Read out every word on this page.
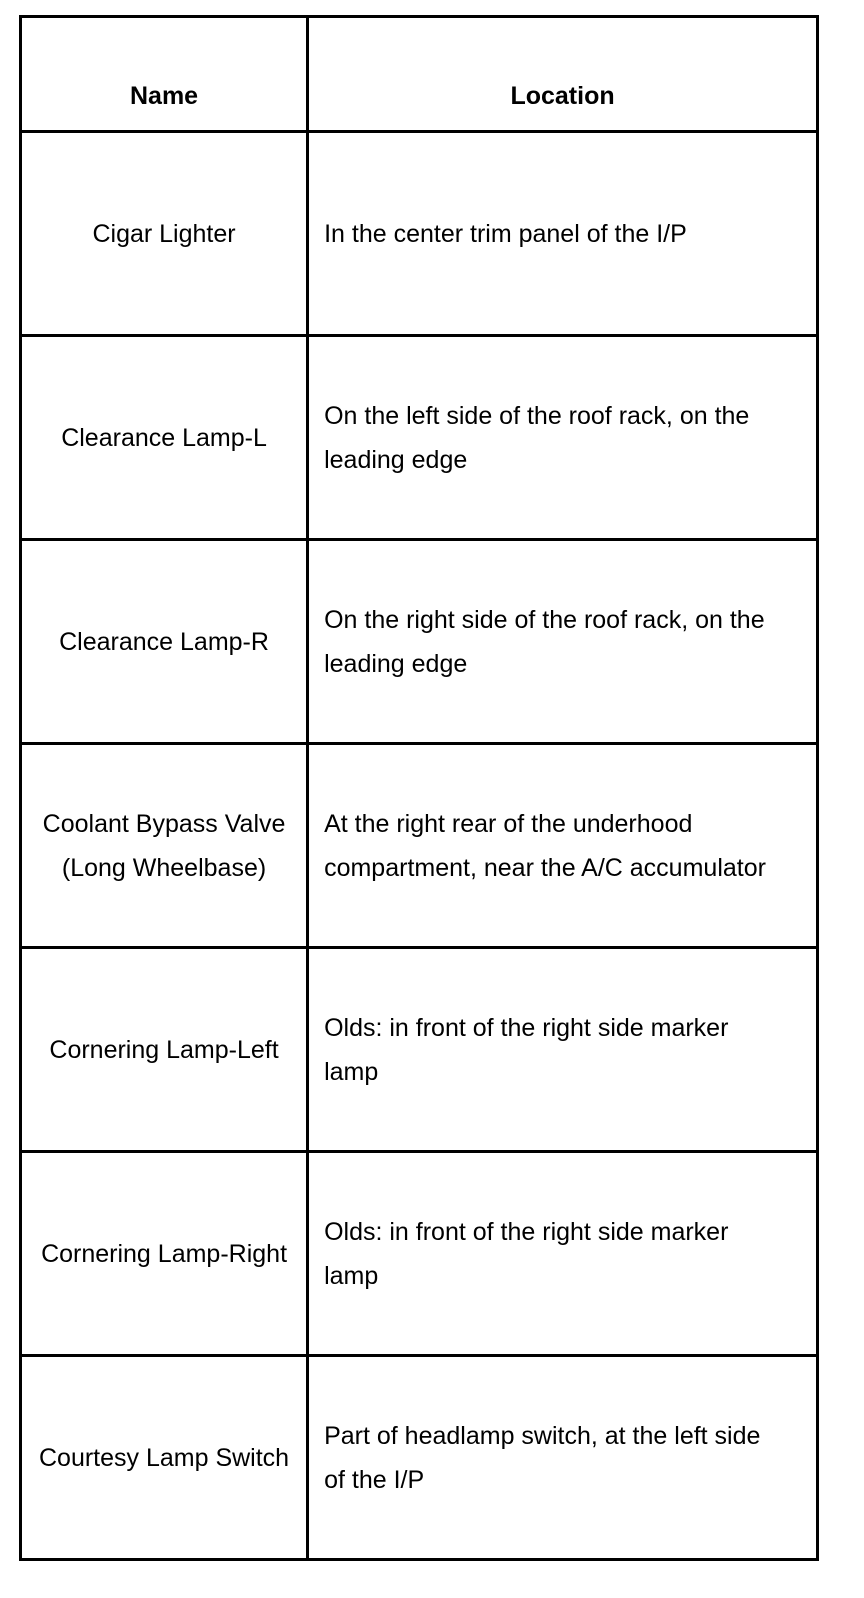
Name	Location
Cigar Lighter	In the center trim panel of the I/P
Clearance Lamp-L	On the left side of the roof rack, on the leading edge
Clearance Lamp-R	On the right side of the roof rack, on the leading edge
Coolant Bypass Valve (Long Wheelbase)	At the right rear of the underhood compartment, near the A/C accumulator
Cornering Lamp-Left	Olds: in front of the right side marker lamp
Cornering Lamp-Right	Olds: in front of the right side marker lamp
Courtesy Lamp Switch	Part of headlamp switch, at the left side of the I/P
